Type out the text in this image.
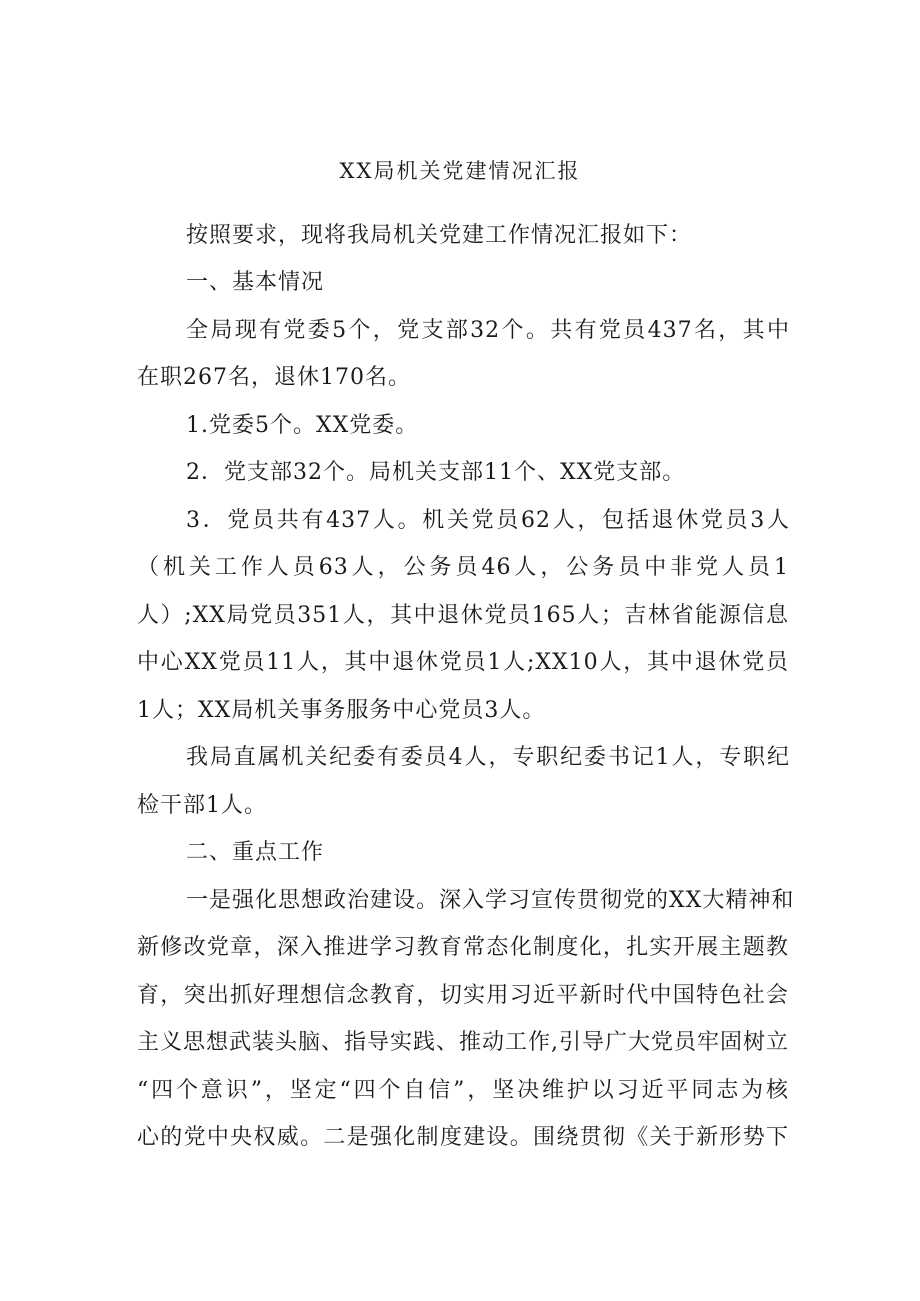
XX局机关党建情况汇报
按照要求，现将我局机关党建工作情况汇报如下：
一、基本情况
全局现有党委5个，党支部32个。共有党员437名，其中
在职267名，退休170名。
1.党委5个。XX党委。
2．党支部32个。局机关支部11个、XX党支部。
3．党员共有437人。机关党员62人，包括退休党员3人
（机关工作人员63人，公务员46人，公务员中非党人员1
人）;XX局党员351人，其中退休党员165人；吉林省能源信息
中心XX党员11人，其中退休党员1人;XX10人，其中退休党员
1人；XX局机关事务服务中心党员3人。
我局直属机关纪委有委员4人，专职纪委书记1人，专职纪
检干部1人。
二、重点工作
一是强化思想政治建设。深入学习宣传贯彻党的XX大精神和
新修改党章，深入推进学习教育常态化制度化，扎实开展主题教
育，突出抓好理想信念教育，切实用习近平新时代中国特色社会
主义思想武装头脑、指导实践、推动工作,引导广大党员牢固树立
“四个意识”，坚定“四个自信”，坚决维护以习近平同志为核
心的党中央权威。二是强化制度建设。围绕贯彻《关于新形势下
